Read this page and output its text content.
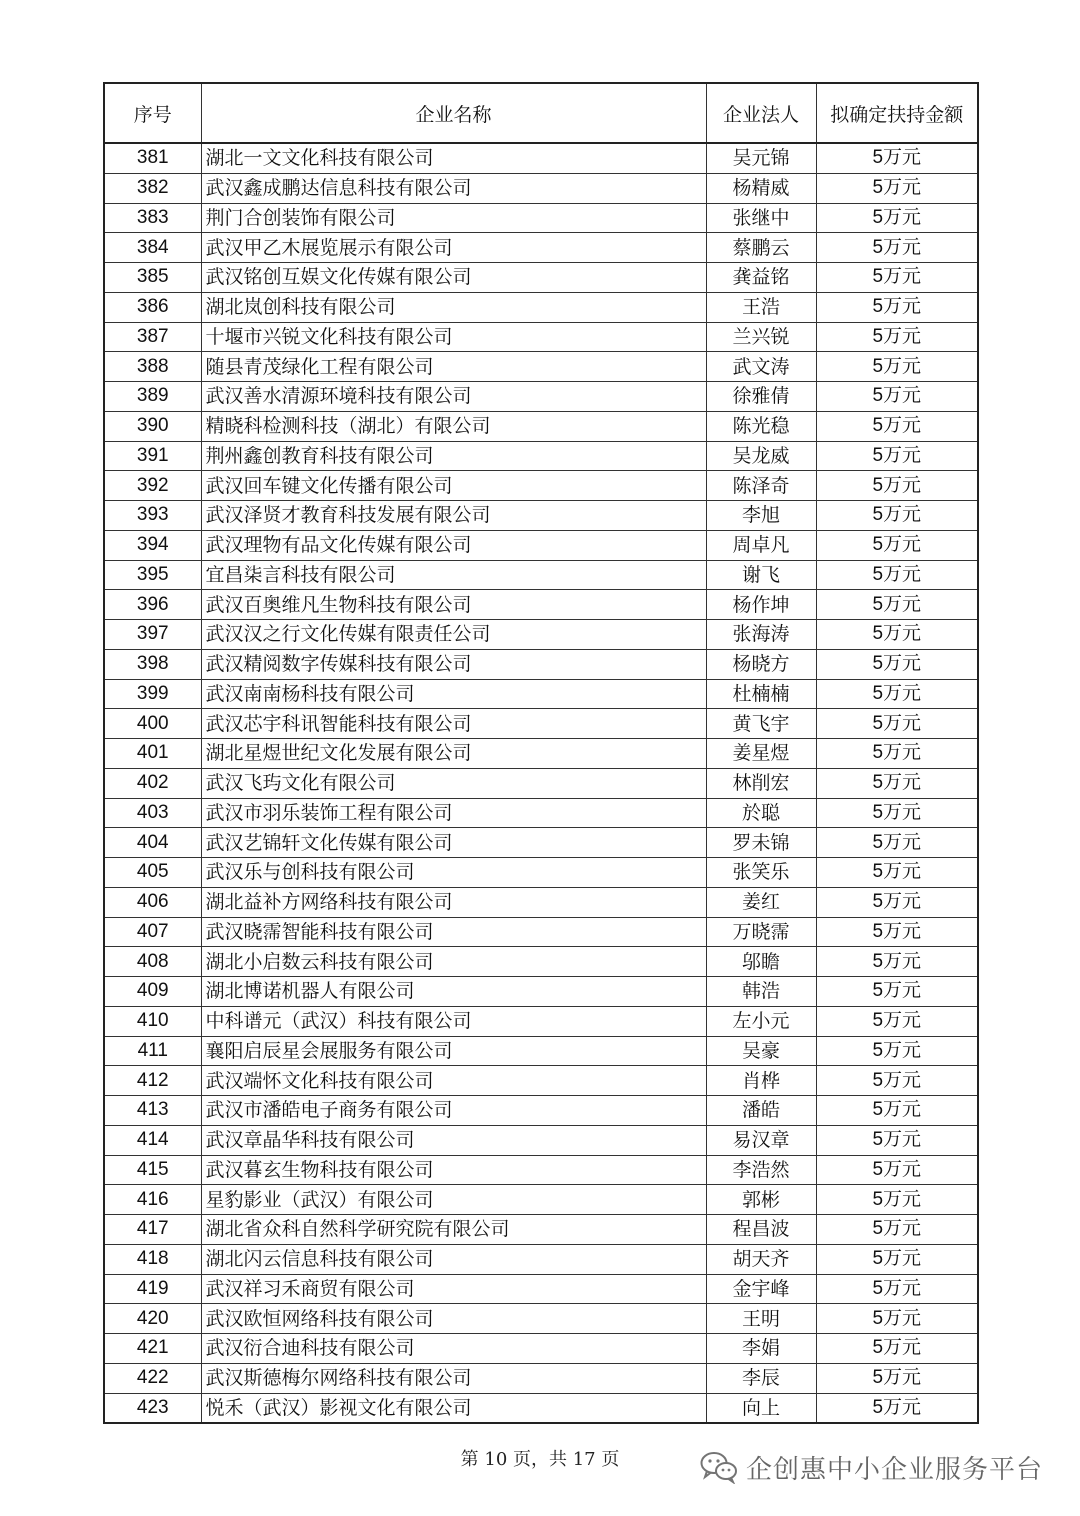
序号	企业名称	企业法人	拟确定扶持金额
381	湖北一文文化科技有限公司	吴元锦	5万元
382	武汉鑫成鹏达信息科技有限公司	杨精威	5万元
383	荆门合创装饰有限公司	张继中	5万元
384	武汉甲乙木展览展示有限公司	蔡鹏云	5万元
385	武汉铭创互娱文化传媒有限公司	龚益铭	5万元
386	湖北岚创科技有限公司	王浩	5万元
387	十堰市兴锐文化科技有限公司	兰兴锐	5万元
388	随县青茂绿化工程有限公司	武文涛	5万元
389	武汉善水清源环境科技有限公司	徐雅倩	5万元
390	精晓科检测科技（湖北）有限公司	陈光稳	5万元
391	荆州鑫创教育科技有限公司	吴龙威	5万元
392	武汉回车键文化传播有限公司	陈泽奇	5万元
393	武汉泽贤才教育科技发展有限公司	李旭	5万元
394	武汉理物有品文化传媒有限公司	周卓凡	5万元
395	宜昌柒言科技有限公司	谢飞	5万元
396	武汉百奥维凡生物科技有限公司	杨作坤	5万元
397	武汉汉之行文化传媒有限责任公司	张海涛	5万元
398	武汉精阅数字传媒科技有限公司	杨晓方	5万元
399	武汉南南杨科技有限公司	杜楠楠	5万元
400	武汉芯宇科讯智能科技有限公司	黄飞宇	5万元
401	湖北星煜世纪文化发展有限公司	姜星煜	5万元
402	武汉飞玙文化有限公司	林削宏	5万元
403	武汉市羽乐装饰工程有限公司	於聪	5万元
404	武汉艺锦轩文化传媒有限公司	罗未锦	5万元
405	武汉乐与创科技有限公司	张笑乐	5万元
406	湖北益补方网络科技有限公司	姜红	5万元
407	武汉晓霈智能科技有限公司	万晓霈	5万元
408	湖北小启数云科技有限公司	邬瞻	5万元
409	湖北博诺机器人有限公司	韩浩	5万元
410	中科谱元（武汉）科技有限公司	左小元	5万元
411	襄阳启辰星会展服务有限公司	吴豪	5万元
412	武汉端怀文化科技有限公司	肖桦	5万元
413	武汉市潘皓电子商务有限公司	潘皓	5万元
414	武汉章晶华科技有限公司	易汉章	5万元
415	武汉暮玄生物科技有限公司	李浩然	5万元
416	星豹影业（武汉）有限公司	郭彬	5万元
417	湖北省众科自然科学研究院有限公司	程昌波	5万元
418	湖北闪云信息科技有限公司	胡天齐	5万元
419	武汉祥习禾商贸有限公司	金宇峰	5万元
420	武汉欧恒网络科技有限公司	王明	5万元
421	武汉衍合迪科技有限公司	李娟	5万元
422	武汉斯德梅尔网络科技有限公司	李辰	5万元
423	悦禾（武汉）影视文化有限公司	向上	5万元
第 10 页，共 17 页	企创惠中小企业服务平台
